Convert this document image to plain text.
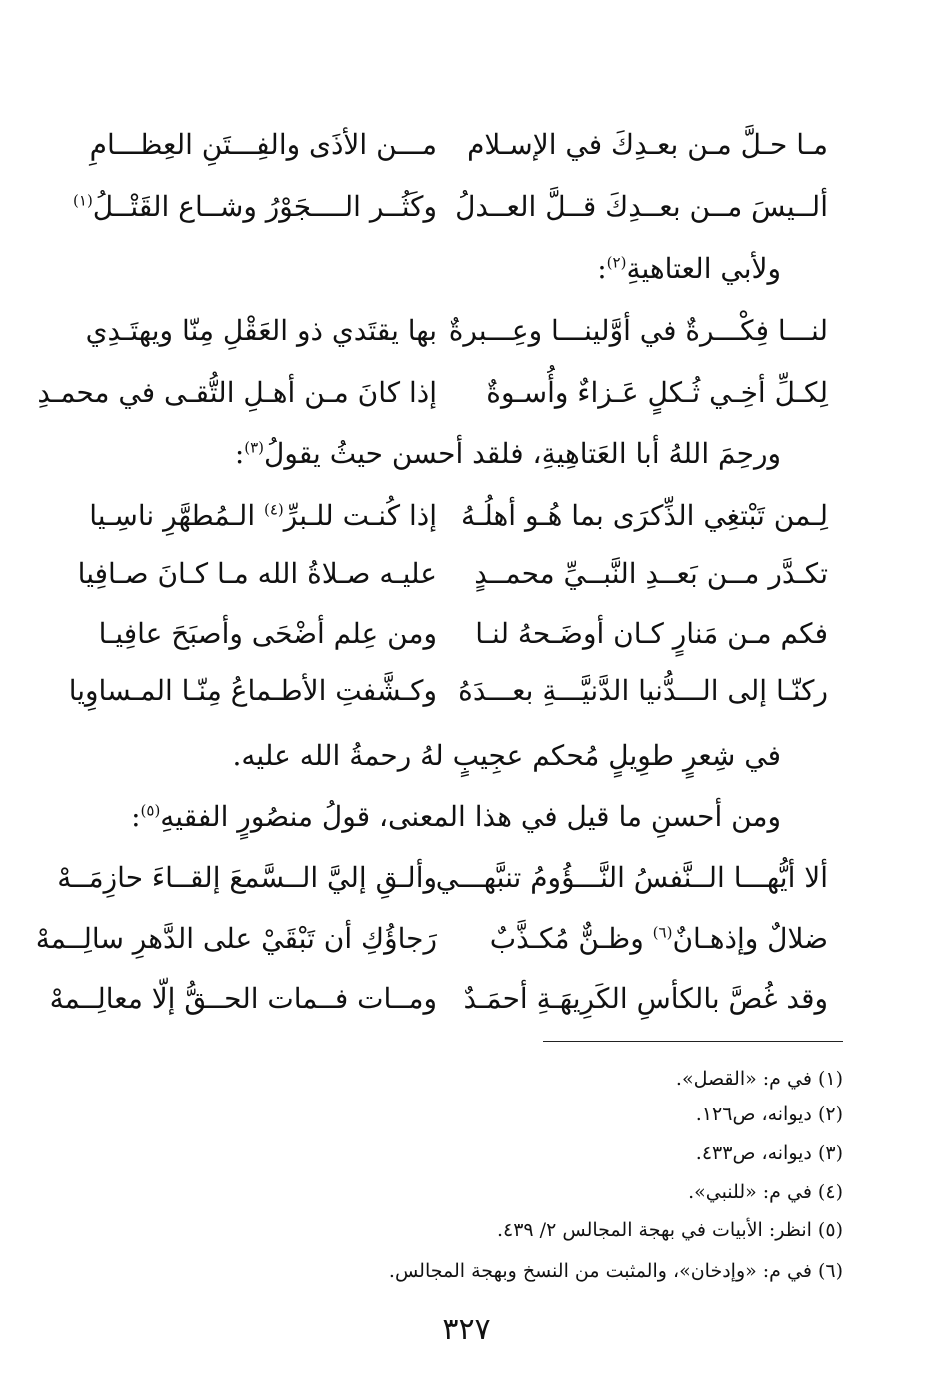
مـا حـلَّ مـن بعـدِكَ في الإسـلام
مـــن الأذَى والفِـــتَنِ العِظـــامِ
ألــيسَ مــن بعــدِكَ قــلَّ العــدلُ
وكَثُــر الــــجَوْرُ وشــاع القَتْــلُ$^{(١)}$
ولأبي العتاهيةِ$^{(٢)}$:
لنـــا فِكْـــرةٌ في أوَّلينـــا وعِـــبرةٌ
بها يقتَدي ذو العَقْلِ مِنّا ويهتَـدِي
لِكـلِّ أخِـي ثُـكلٍ عَـزاءٌ وأُسـوةٌ
إذا كانَ مـن أهـلِ التُّقـى في محمـدِ
ورحِمَ اللهُ أبا العَتاهِيةِ، فلقد أحسن حيثُ يقولُ$^{(٣)}$:
لِـمن تَبْتغِي الذِّكرَى بما هُـو أهلُـهُ
إذا كُنـت للـبرِّ$^{(٤)}$ الـمُطهَّرِ ناسِـيا
تكـدَّر مــن بَعــدِ النَّبــيِّ محمــدٍ
عليـه صـلاةُ الله مـا كـانَ صـافِيا
فكم مـن مَنارٍ كـان أوضَـحهُ لنـا
ومن عِلم أضْحَى وأصبَحَ عافِيـا
ركنّـا إلى الـــدُّنيا الدَّنيَّـــةِ بعـــدَهُ
وكـشَّفتِ الأطـماعُ مِنّـا المـساوِيا
في شِعرٍ طوِيلٍ مُحكم عجِيبٍ لهُ رحمةُ الله عليه.
ومن أحسنِ ما قيل في هذا المعنى، قولُ منصُورٍ الفقيهِ$^{(٥)}$:
ألا أيُّهـــا الــنَّفسُ النَّـــؤُومُ تنبَّهـــي
وألـقِ إليَّ الــسَّمعَ إلقــاءَ حازِمَــهْ
ضلالٌ وإذهـانٌ$^{(٦)}$ وظـنٌّ مُكـذَّبٌ
رَجاؤُكِ أن تَبْقَيْ على الدَّهرِ سالِــمهْ
وقد غُصَّ بالكأسِ الكَرِيهَـةِ أحمَـدٌ
ومــات فــمات الحــقُّ إلّا معالِــمهْ
(١) في م: «القصل».
(٢) ديوانه، ص١٢٦.
(٣) ديوانه، ص٤٣٣.
(٤) في م: «للنبي».
(٥) انظر: الأبيات في بهجة المجالس ٢/ ٤٣٩.
(٦) في م: «وإدخان»، والمثبت من النسخ وبهجة المجالس.
٣٢٧
